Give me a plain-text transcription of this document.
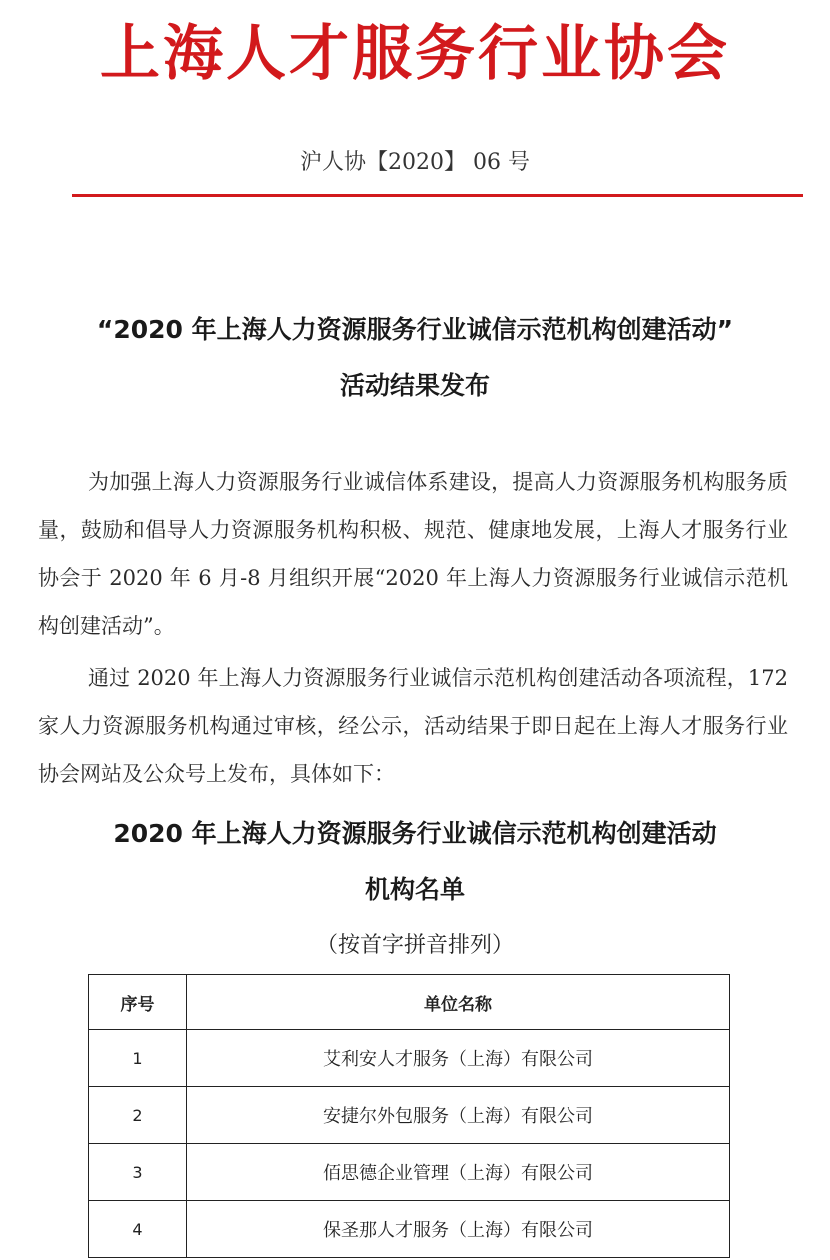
上海人才服务行业协会
沪人协【2020】 06 号
“2020 年上海人力资源服务行业诚信示范机构创建活动”
活动结果发布
为加强上海人力资源服务行业诚信体系建设，提高人力资源服务机构服务质量，鼓励和倡导人力资源服务机构积极、规范、健康地发展，上海人才服务行业协会于 2020 年 6 月-8 月组织开展“2020 年上海人力资源服务行业诚信示范机构创建活动”。
通过 2020 年上海人力资源服务行业诚信示范机构创建活动各项流程，172 家人力资源服务机构通过审核，经公示，活动结果于即日起在上海人才服务行业协会网站及公众号上发布，具体如下：
2020 年上海人力资源服务行业诚信示范机构创建活动
机构名单
（按首字拼音排列）
序号	单位名称
1	艾利安人才服务（上海）有限公司
2	安捷尔外包服务（上海）有限公司
3	佰思德企业管理（上海）有限公司
4	保圣那人才服务（上海）有限公司
